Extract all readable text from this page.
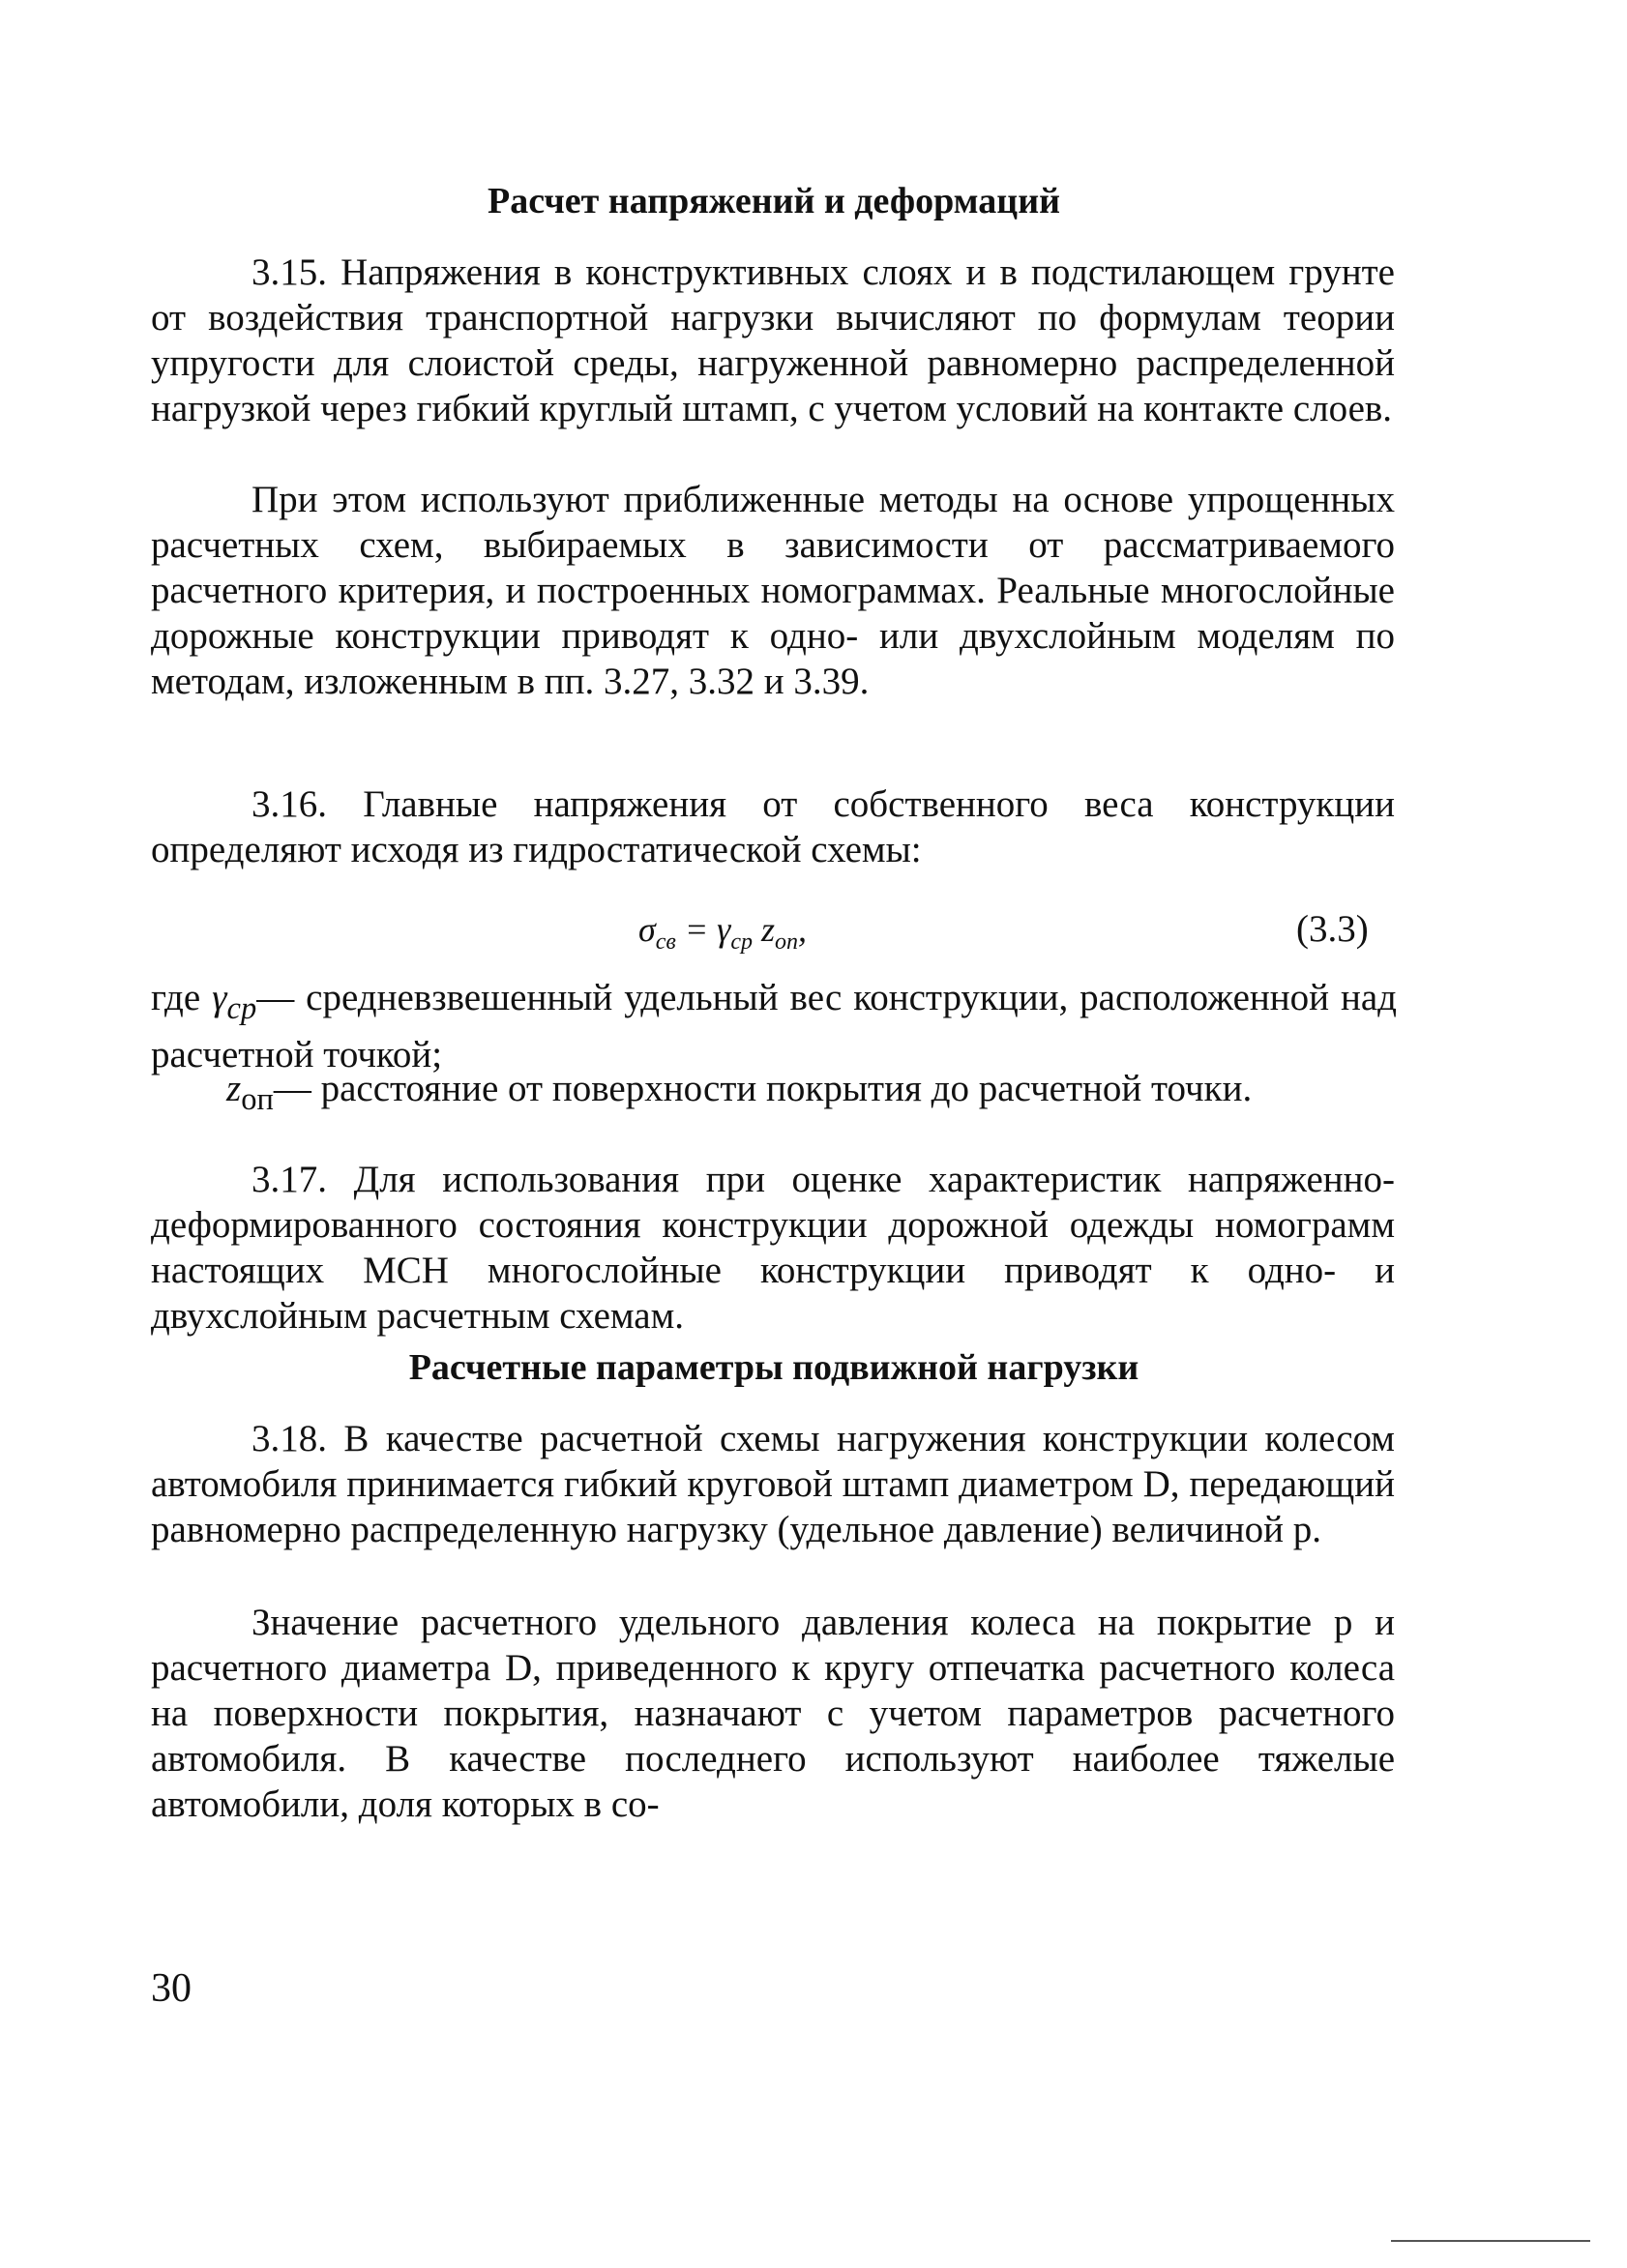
Расчет напряжений и деформаций

3.15. Напряжения в конструктивных слоях и в подстилающем грунте от воздействия транспортной нагрузки вычисляют по формулам теории упругости для слоистой среды, нагруженной равномерно распределенной нагрузкой через гибкий круглый штамп, с учетом условий на контакте слоев.

При этом используют приближенные методы на основе упрощенных расчетных схем, выбираемых в зависимости от рассматриваемого расчетного критерия, и построенных номограммах. Реальные многослойные дорожные конструкции приводят к одно- или двухслойным моделям по методам, изложенным в пп. 3.27, 3.32 и 3.39.

3.16. Главные напряжения от собственного веса конструкции определяют исходя из гидростатической схемы:

$\sigma_{св} = \gamma_{ср}$ $z_{оп}$,	(3.3)

где $\gamma_{ср}—$ средневзвешенный удельный вес конструкции, расположенной над расчетной точкой;

$z_{оп}—$ расстояние от поверхности покрытия до расчетной точки.

3.17. Для использования при оценке характеристик напряженно-деформированного состояния конструкции дорожной одежды номограмм настоящих МСН многослойные конструкции приводят к одно- и двухслойным расчетным схемам.

Расчетные параметры подвижной нагрузки

3.18. В качестве расчетной схемы нагружения конструкции колесом автомобиля принимается гибкий круговой штамп диаметром D, передающий равномерно распределенную нагрузку (удельное давление) величиной p.

Значение расчетного удельного давления колеса на покрытие p и расчетного диаметра D, приведенного к кругу отпечатка расчетного колеса на поверхности покрытия, назначают с учетом параметров расчетного автомобиля. В качестве последнего используют наиболее тяжелые автомобили, доля которых в со-

30
